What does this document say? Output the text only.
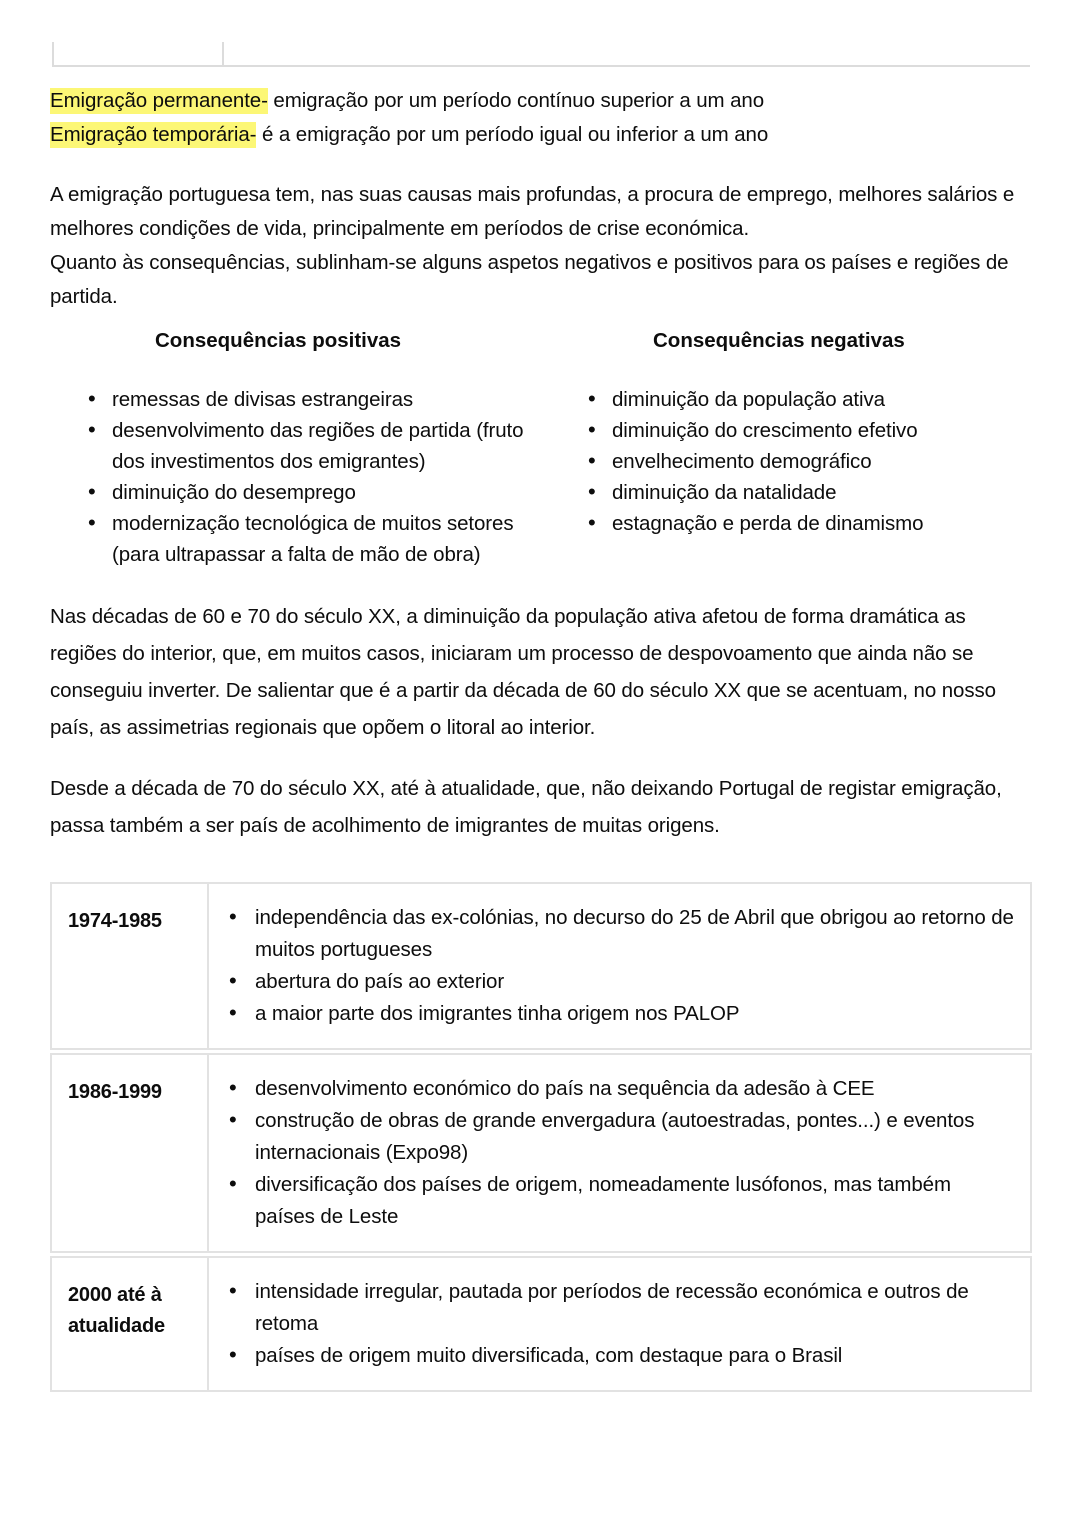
Emigração permanente- emigração por um período contínuo superior a um ano

Emigração temporária- é a emigração por um período igual ou inferior a um ano

A emigração portuguesa tem, nas suas causas mais profundas, a procura de emprego, melhores salários e melhores condições de vida, principalmente em períodos de crise económica.

Quanto às consequências, sublinham-se alguns aspetos negativos e positivos para os países e regiões de partida.

Consequências positivas	Consequências negativas
• remessas de divisas estrangeiras
• desenvolvimento das regiões de partida (fruto dos investimentos dos emigrantes)
• diminuição do desemprego
• modernização tecnológica de muitos setores (para ultrapassar a falta de mão de obra)
• diminuição da população ativa
• diminuição do crescimento efetivo
• envelhecimento demográfico
• diminuição da natalidade
• estagnação e perda de dinamismo

Nas décadas de 60 e 70 do século XX, a diminuição da população ativa afetou de forma dramática as regiões do interior, que, em muitos casos, iniciaram um processo de despovoamento que ainda não se conseguiu inverter. De salientar que é a partir da década de 60 do século XX que se acentuam, no nosso país, as assimetrias regionais que opõem o litoral ao interior.

Desde a década de 70 do século XX, até à atualidade, que, não deixando Portugal de registar emigração, passa também a ser país de acolhimento de imigrantes de muitas origens.

1974-1985	• independência das ex-colónias, no decurso do 25 de Abril que obrigou ao retorno de muitos portugueses
• abertura do país ao exterior
• a maior parte dos imigrantes tinha origem nos PALOP
1986-1999	• desenvolvimento económico do país na sequência da adesão à CEE
• construção de obras de grande envergadura (autoestradas, pontes...) e eventos internacionais (Expo98)
• diversificação dos países de origem, nomeadamente lusófonos, mas também países de Leste
2000 até à atualidade
• intensidade irregular, pautada por períodos de recessão económica e outros de retoma
• países de origem muito diversificada, com destaque para o Brasil
